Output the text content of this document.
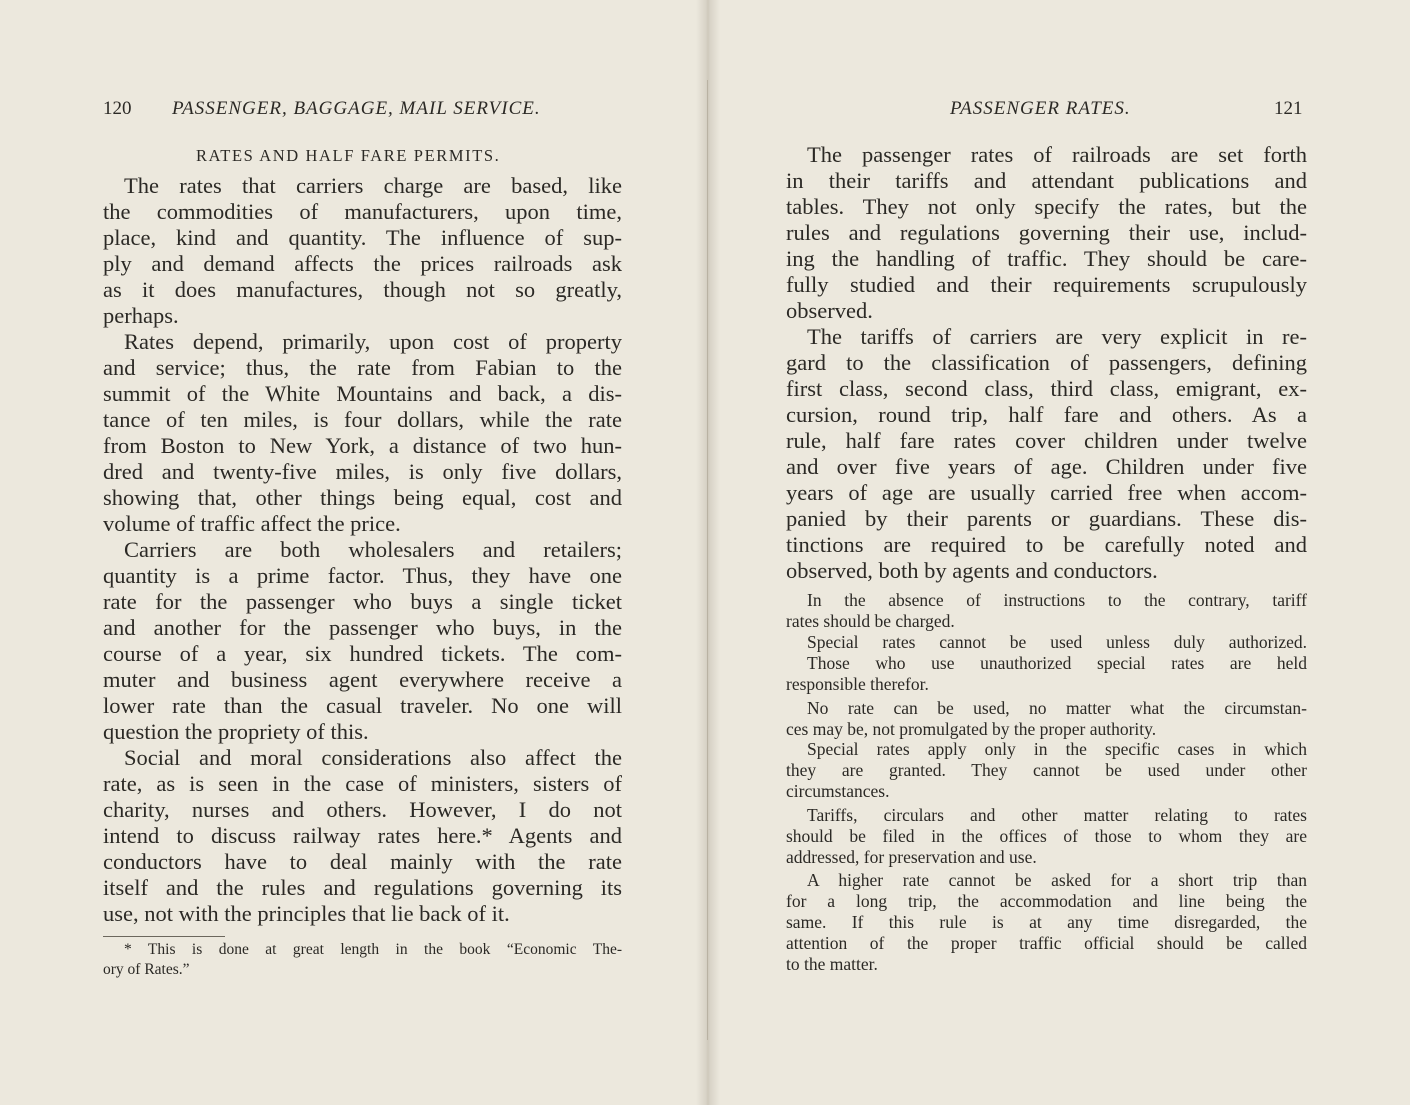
120 PASSENGER, BAGGAGE, MAIL SERVICE.
RATES AND HALF FARE PERMITS.
The rates that carriers charge are based, like
the commodities of manufacturers, upon time,
place, kind and quantity. The influence of sup-
ply and demand affects the prices railroads ask
as it does manufactures, though not so greatly,
perhaps.
Rates depend, primarily, upon cost of property
and service; thus, the rate from Fabian to the
summit of the White Mountains and back, a dis-
tance of ten miles, is four dollars, while the rate
from Boston to New York, a distance of two hun-
dred and twenty-five miles, is only five dollars,
showing that, other things being equal, cost and
volume of traffic affect the price.
Carriers are both wholesalers and retailers;
quantity is a prime factor. Thus, they have one
rate for the passenger who buys a single ticket
and another for the passenger who buys, in the
course of a year, six hundred tickets. The com-
muter and business agent everywhere receive a
lower rate than the casual traveler. No one will
question the propriety of this.
Social and moral considerations also affect the
rate, as is seen in the case of ministers, sisters of
charity, nurses and others. However, I do not
intend to discuss railway rates here.* Agents and
conductors have to deal mainly with the rate
itself and the rules and regulations governing its
use, not with the principles that lie back of it.
* This is done at great length in the book “Economic The-
ory of Rates.”
PASSENGER RATES.	121
The passenger rates of railroads are set forth
in their tariffs and attendant publications and
tables. They not only specify the rates, but the
rules and regulations governing their use, includ-
ing the handling of traffic. They should be care-
fully studied and their requirements scrupulously
observed.
The tariffs of carriers are very explicit in re-
gard to the classification of passengers, defining
first class, second class, third class, emigrant, ex-
cursion, round trip, half fare and others. As a
rule, half fare rates cover children under twelve
and over five years of age. Children under five
years of age are usually carried free when accom-
panied by their parents or guardians. These dis-
tinctions are required to be carefully noted and
observed, both by agents and conductors.
In the absence of instructions to the contrary, tariff
rates should be charged.
Special rates cannot be used unless duly authorized.
Those who use unauthorized special rates are held
responsible therefor.
No rate can be used, no matter what the circumstan-
ces may be, not promulgated by the proper authority.
Special rates apply only in the specific cases in which
they are granted. They cannot be used under other
circumstances.
Tariffs, circulars and other matter relating to rates
should be filed in the offices of those to whom they are
addressed, for preservation and use.
A higher rate cannot be asked for a short trip than
for a long trip, the accommodation and line being the
same. If this rule is at any time disregarded, the
attention of the proper traffic official should be called
to the matter.
